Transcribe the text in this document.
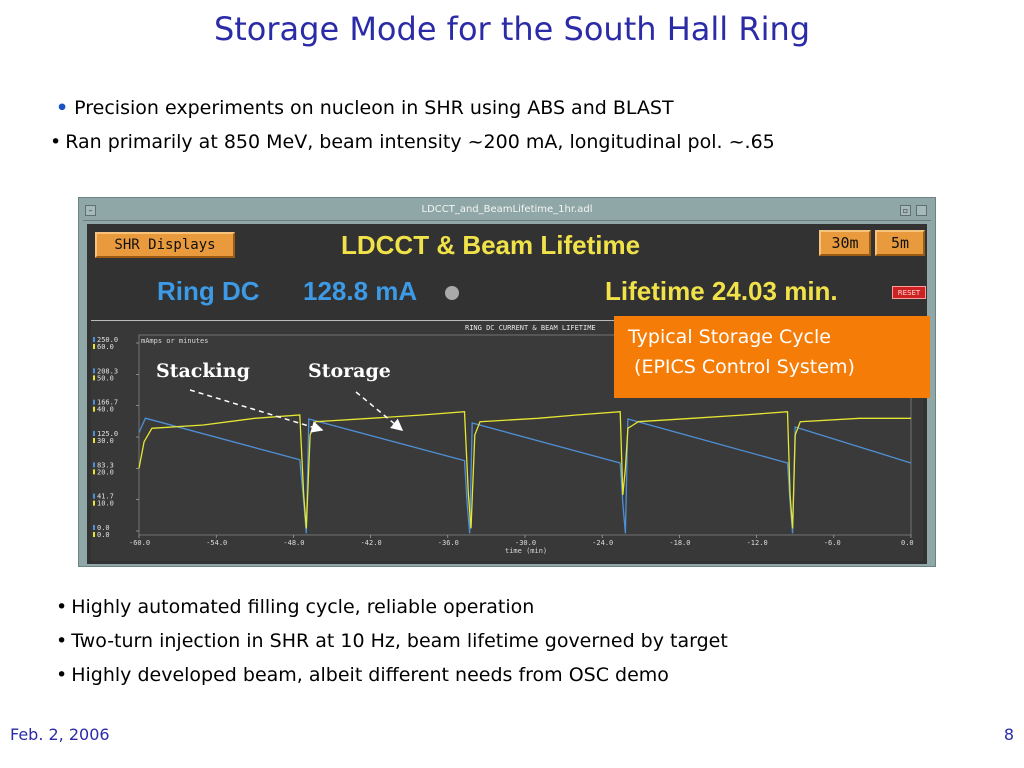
Storage Mode for the South Hall Ring
• Precision experiments on nucleon in SHR using ABS and BLAST
• Ran primarily at 850 MeV, beam intensity ~200 mA, longitudinal pol. ~.65
–	LDCCT_and_BeamLifetime_1hr.adl	▫
SHR Displays	LDCCT & Beam Lifetime	30m	5m
Ring DC 128.8 mA	Lifetime 24.03 min.	RESET
RING DC CURRENT & BEAM LIFETIME
mAmps or minutes
time (min)
-60.0	-54.0	-48.0	-42.0	-36.0	-30.0	-24.0	-18.0	-12.0	-6.0	0.0
250.0
60.0
208.3
50.0
166.7
40.0
125.0
30.0
83.3
20.0
41.7
10.0
0.0
0.0
Stacking	Storage
Typical Storage Cycle
(EPICS Control System)
• Highly automated filling cycle, reliable operation
• Two-turn injection in SHR at 10 Hz, beam lifetime governed by target
• Highly developed beam, albeit different needs from OSC demo
Feb. 2, 2006	8
